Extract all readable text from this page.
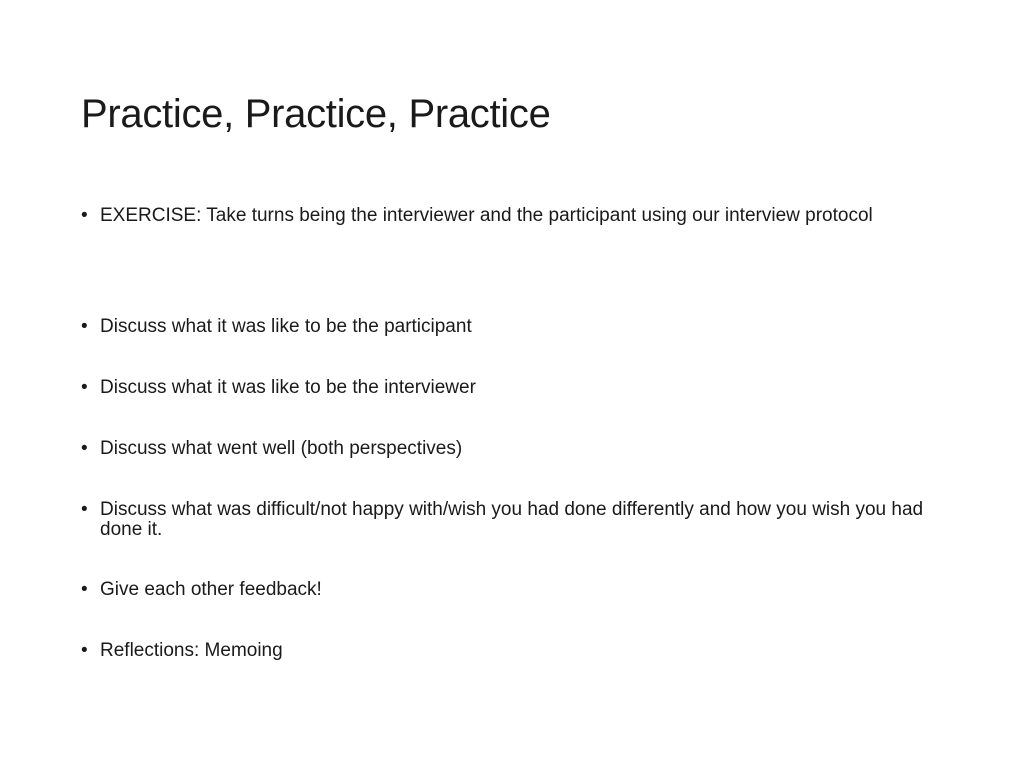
Practice, Practice, Practice
• EXERCISE: Take turns being the interviewer and the participant using our interview protocol
• Discuss what it was like to be the participant
• Discuss what it was like to be the interviewer
• Discuss what went well (both perspectives)
• Discuss what was difficult/not happy with/wish you had done differently and how you wish you had done it.
• Give each other feedback!
• Reflections: Memoing
